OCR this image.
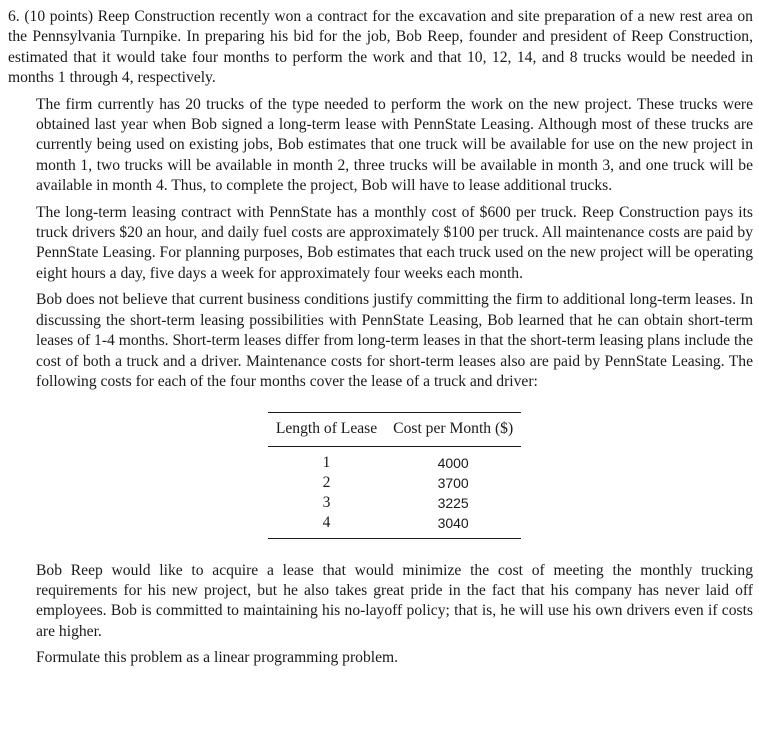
6. (10 points) Reep Construction recently won a contract for the excavation and site preparation of a new rest area on the Pennsylvania Turnpike. In preparing his bid for the job, Bob Reep, founder and president of Reep Construction, estimated that it would take four months to perform the work and that 10, 12, 14, and 8 trucks would be needed in months 1 through 4, respectively.

The firm currently has 20 trucks of the type needed to perform the work on the new project. These trucks were obtained last year when Bob signed a long-term lease with PennState Leasing. Although most of these trucks are currently being used on existing jobs, Bob estimates that one truck will be available for use on the new project in month 1, two trucks will be available in month 2, three trucks will be available in month 3, and one truck will be available in month 4. Thus, to complete the project, Bob will have to lease additional trucks.

The long-term leasing contract with PennState has a monthly cost of $600 per truck. Reep Construction pays its truck drivers $20 an hour, and daily fuel costs are approximately $100 per truck. All maintenance costs are paid by PennState Leasing. For planning purposes, Bob estimates that each truck used on the new project will be operating eight hours a day, five days a week for approximately four weeks each month.

Bob does not believe that current business conditions justify committing the firm to additional long-term leases. In discussing the short-term leasing possibilities with PennState Leasing, Bob learned that he can obtain short-term leases of 1-4 months. Short-term leases differ from long-term leases in that the short-term leasing plans include the cost of both a truck and a driver. Maintenance costs for short-term leases also are paid by PennState Leasing. The following costs for each of the four months cover the lease of a truck and driver:

Length of Lease	Cost per Month ($)
1	4000
2	3700
3	3225
4	3040

Bob Reep would like to acquire a lease that would minimize the cost of meeting the monthly trucking requirements for his new project, but he also takes great pride in the fact that his company has never laid off employees. Bob is committed to maintaining his no-layoff policy; that is, he will use his own drivers even if costs are higher.

Formulate this problem as a linear programming problem.
